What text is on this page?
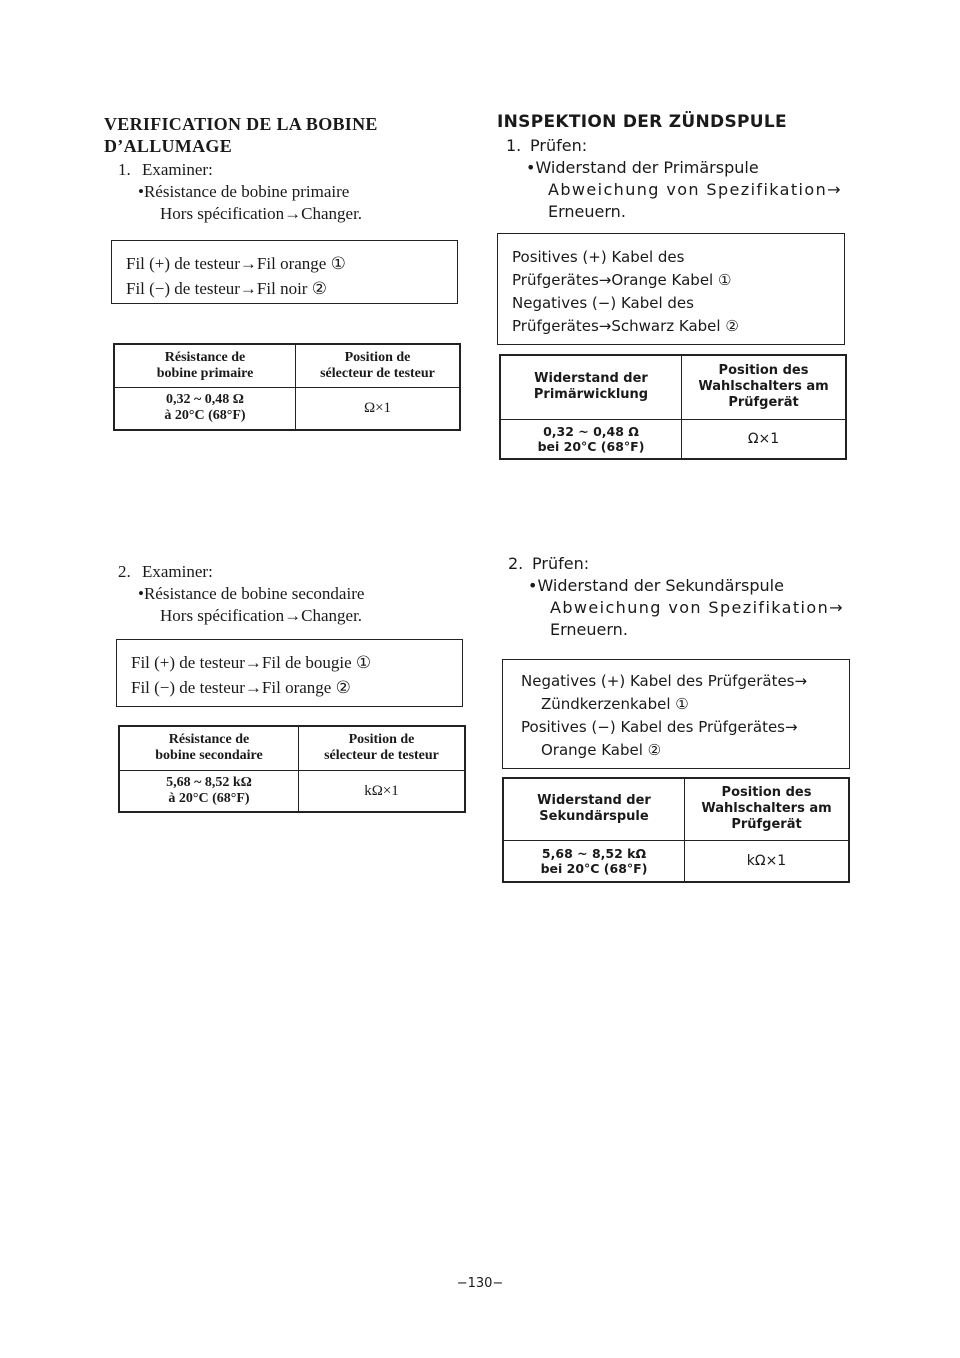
VERIFICATION DE LA BOBINE
D’ALLUMAGE
1. Examiner:
•Résistance de bobine primaire
Hors spécification→Changer.
Fil (+) de testeur→Fil orange ①
Fil (−) de testeur→Fil noir ②
Résistance de
bobine primaire	Position de
sélecteur de testeur
0,32 ~ 0,48 Ω
à 20°C (68°F)	Ω×1
2. Examiner:
•Résistance de bobine secondaire
Hors spécification→Changer.
Fil (+) de testeur→Fil de bougie ①
Fil (−) de testeur→Fil orange ②
Résistance de
bobine secondaire	Position de
sélecteur de testeur
5,68 ~ 8,52 kΩ
à 20°C (68°F)	kΩ×1
INSPEKTION DER ZÜNDSPULE
1. Prüfen:
•Widerstand der Primärspule
Abweichung von Spezifikation→
Erneuern.
Positives (+) Kabel des
Prüfgerätes→Orange Kabel ①
Negatives (−) Kabel des
Prüfgerätes→Schwarz Kabel ②
Widerstand der
Primärwicklung	Position des
Wahlschalters am
Prüfgerät
0,32 ~ 0,48 Ω
bei 20°C (68°F)	Ω×1
2. Prüfen:
•Widerstand der Sekundärspule
Abweichung von Spezifikation→
Erneuern.
Negatives (+) Kabel des Prüfgerätes→
Zündkerzenkabel ①
Positives (−) Kabel des Prüfgerätes→
Orange Kabel ②
Widerstand der
Sekundärspule	Position des
Wahlschalters am
Prüfgerät
5,68 ~ 8,52 kΩ
bei 20°C (68°F)	kΩ×1
−130−
